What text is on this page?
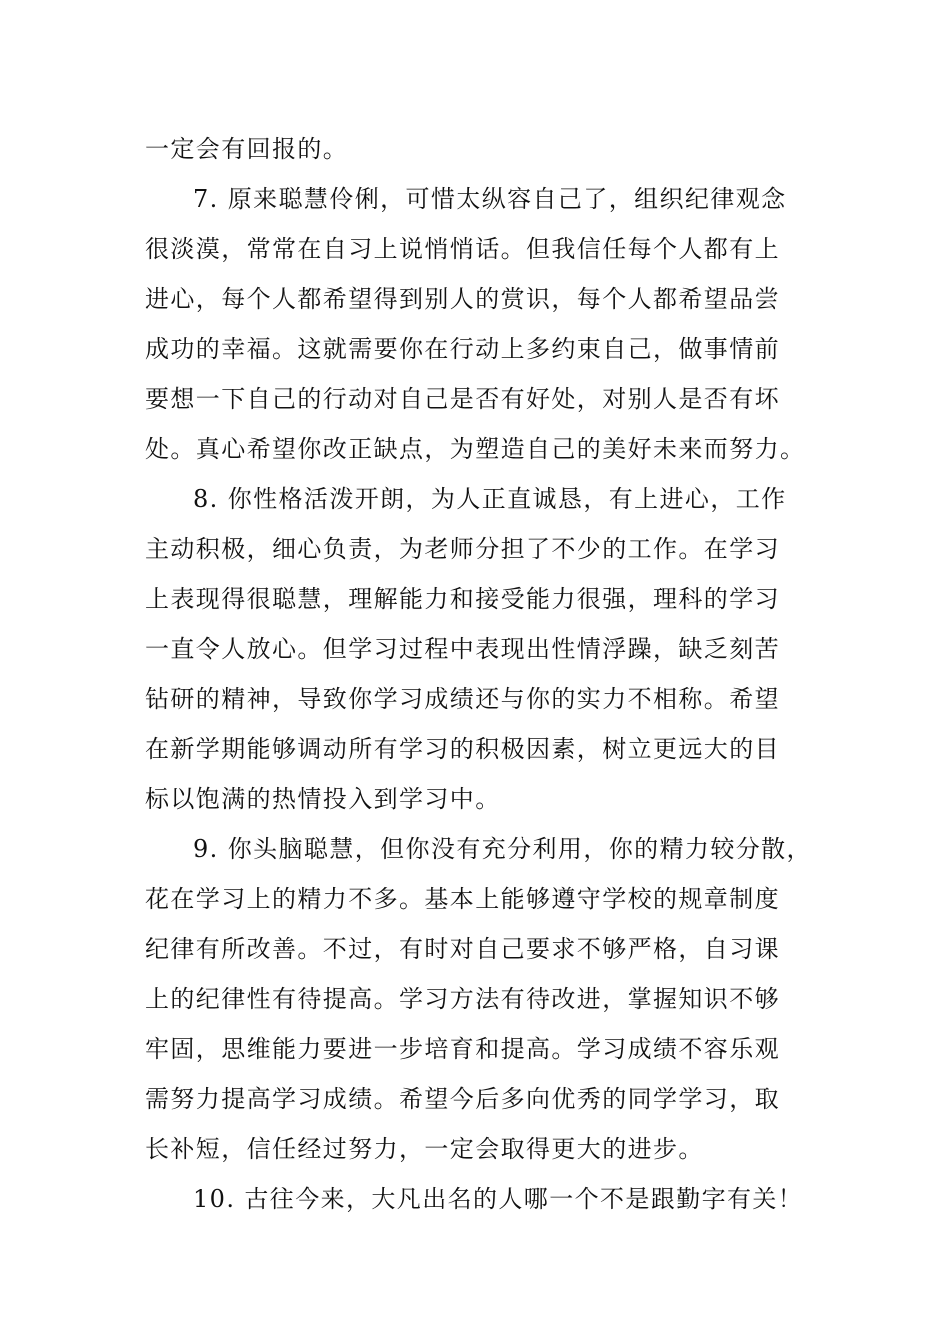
一定会有回报的。
7. 原来聪慧伶俐，可惜太纵容自己了，组织纪律观念
很淡漠，常常在自习上说悄悄话。但我信任每个人都有上
进心，每个人都希望得到别人的赏识，每个人都希望品尝
成功的幸福。这就需要你在行动上多约束自己，做事情前
要想一下自己的行动对自己是否有好处，对别人是否有坏
处。真心希望你改正缺点，为塑造自己的美好未来而努力。
8. 你性格活泼开朗，为人正直诚恳，有上进心，工作
主动积极，细心负责，为老师分担了不少的工作。在学习
上表现得很聪慧，理解能力和接受能力很强，理科的学习
一直令人放心。但学习过程中表现出性情浮躁，缺乏刻苦
钻研的精神，导致你学习成绩还与你的实力不相称。希望
在新学期能够调动所有学习的积极因素，树立更远大的目
标以饱满的热情投入到学习中。
9. 你头脑聪慧，但你没有充分利用，你的精力较分散，
花在学习上的精力不多。基本上能够遵守学校的规章制度
纪律有所改善。不过，有时对自己要求不够严格，自习课
上的纪律性有待提高。学习方法有待改进，掌握知识不够
牢固，思维能力要进一步培育和提高。学习成绩不容乐观
需努力提高学习成绩。希望今后多向优秀的同学学习，取
长补短，信任经过努力，一定会取得更大的进步。
10. 古往今来，大凡出名的人哪一个不是跟勤字有关！
